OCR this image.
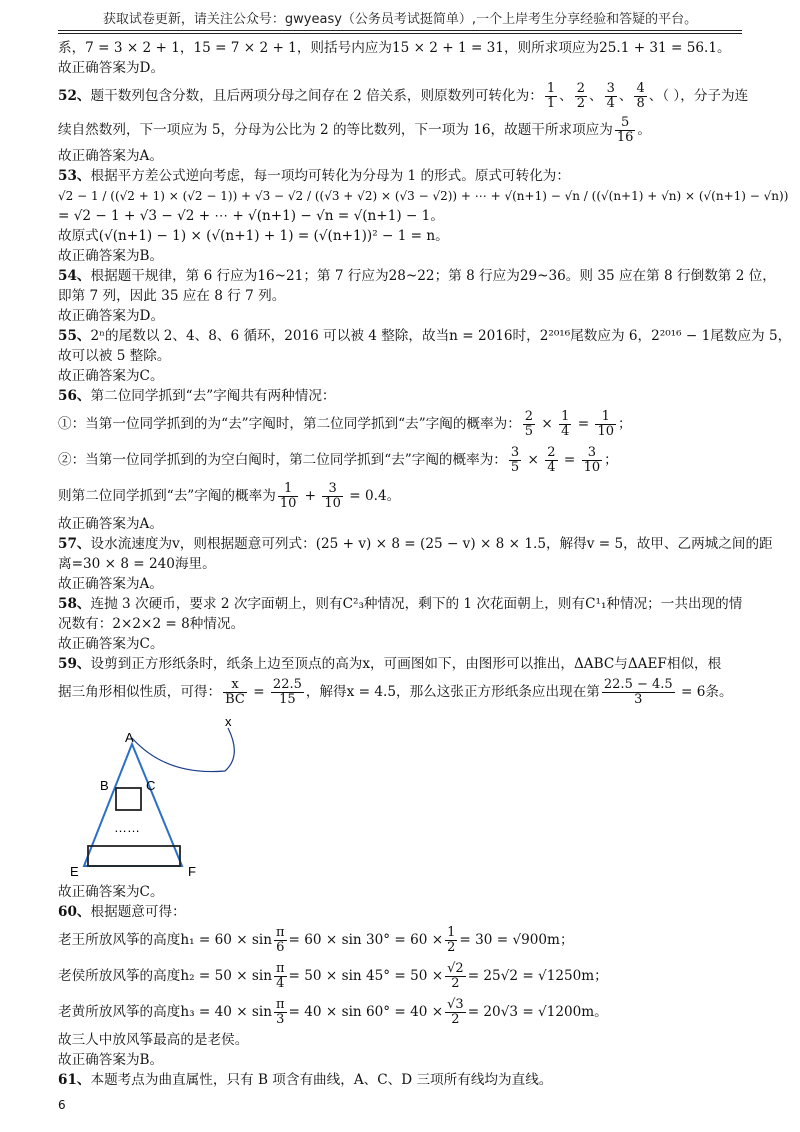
获取试卷更新，请关注公众号：gwyeasy（公务员考试挺简单）,一个上岸考生分享经验和答疑的平台。
系，7 = 3 × 2 + 1，15 = 7 × 2 + 1，则括号内应为15 × 2 + 1 = 31，则所求项应为25.1 + 31 = 56.1。
故正确答案为D。
52、题干数列包含分数，且后两项分母之间存在 2 倍关系，则原数列可转化为： $\frac{1}{1}$ 、 $\frac{2}{2}$ 、 $\frac{3}{4}$ 、 $\frac{4}{8}$ 、（ ），分子为连
续自然数列，下一项应为 5，分母为公比为 2 的等比数列，下一项为 16，故题干所求项应为 $\frac{5}{16}$ 。
故正确答案为A。
53、根据平方差公式逆向考虑，每一项均可转化为分母为 1 的形式。原式可转化为：
√2 − 1 / ((√2 + 1) × (√2 − 1)) + √3 − √2 / ((√3 + √2) × (√3 − √2)) + ⋯ + √(n+1) − √n / ((√(n+1) + √n) × (√(n+1) − √n))
= √2 − 1 + √3 − √2 + ⋯ + √(n+1) − √n = √(n+1) − 1。
故原式(√(n+1) − 1) × (√(n+1) + 1) = (√(n+1))² − 1 = n。
故正确答案为B。
54、根据题干规律，第 6 行应为16~21；第 7 行应为28~22；第 8 行应为29~36。则 35 应在第 8 行倒数第 2 位，
即第 7 列，因此 35 应在 8 行 7 列。
故正确答案为D。
55、2ⁿ的尾数以 2、4、8、6 循环，2016 可以被 4 整除，故当n = 2016时，2²⁰¹⁶尾数应为 6，2²⁰¹⁶ − 1尾数应为 5，
故可以被 5 整除。
故正确答案为C。
56、第二位同学抓到“去”字阄共有两种情况：
①：当第一位同学抓到的为“去”字阄时，第二位同学抓到“去”字阄的概率为： $\frac{2}{5} \times \frac{1}{4} = \frac{1}{10}$ ；
②：当第一位同学抓到的为空白阄时，第二位同学抓到“去”字阄的概率为： $\frac{3}{5} \times \frac{2}{4} = \frac{3}{10}$ ；
则第二位同学抓到“去”字阄的概率为 $\frac{1}{10} + \frac{3}{10} = 0.4$。
故正确答案为A。
57、设水流速度为v，则根据题意可列式：(25 + v) × 8 = (25 − v) × 8 × 1.5，解得v = 5，故甲、乙两城之间的距
离=30 × 8 = 240海里。
故正确答案为A。
58、连抛 3 次硬币，要求 2 次字面朝上，则有C²₃种情况，剩下的 1 次花面朝上，则有C¹₁种情况；一共出现的情
况数有：2×2×2 = 8种情况。
故正确答案为C。
59、设剪到正方形纸条时，纸条上边至顶点的高为x，可画图如下，由图形可以推出，ΔABC与ΔAEF相似，根
据三角形相似性质，可得： $\frac{x}{BC} = \frac{22.5}{15}$ ，解得x = 4.5，那么这张正方形纸条应出现在第 $\frac{22.5 - 4.5}{3} = 6$条。
x
A
B	C
……
E	F
故正确答案为C。
60、根据题意可得：
老王所放风筝的高度$h_1 = 60 \times \sin \frac{\pi}{6} = 60 \times \sin 30^\circ = 60 \times \frac{1}{2} = 30 = √900m$；
老侯所放风筝的高度$h_2 = 50 \times \sin \frac{\pi}{4} = 50 \times \sin 45^\circ = 50 \times \frac{√2}{2} = 25√2 = √1250m$；
老黄所放风筝的高度$h_3 = 40 \times \sin \frac{\pi}{3} = 40 \times \sin 60^\circ = 40 \times \frac{√3}{2} = 20√3 = √1200m$。
故三人中放风筝最高的是老侯。
故正确答案为B。
61、本题考点为曲直属性，只有 B 项含有曲线，A、C、D 三项所有线均为直线。
6
